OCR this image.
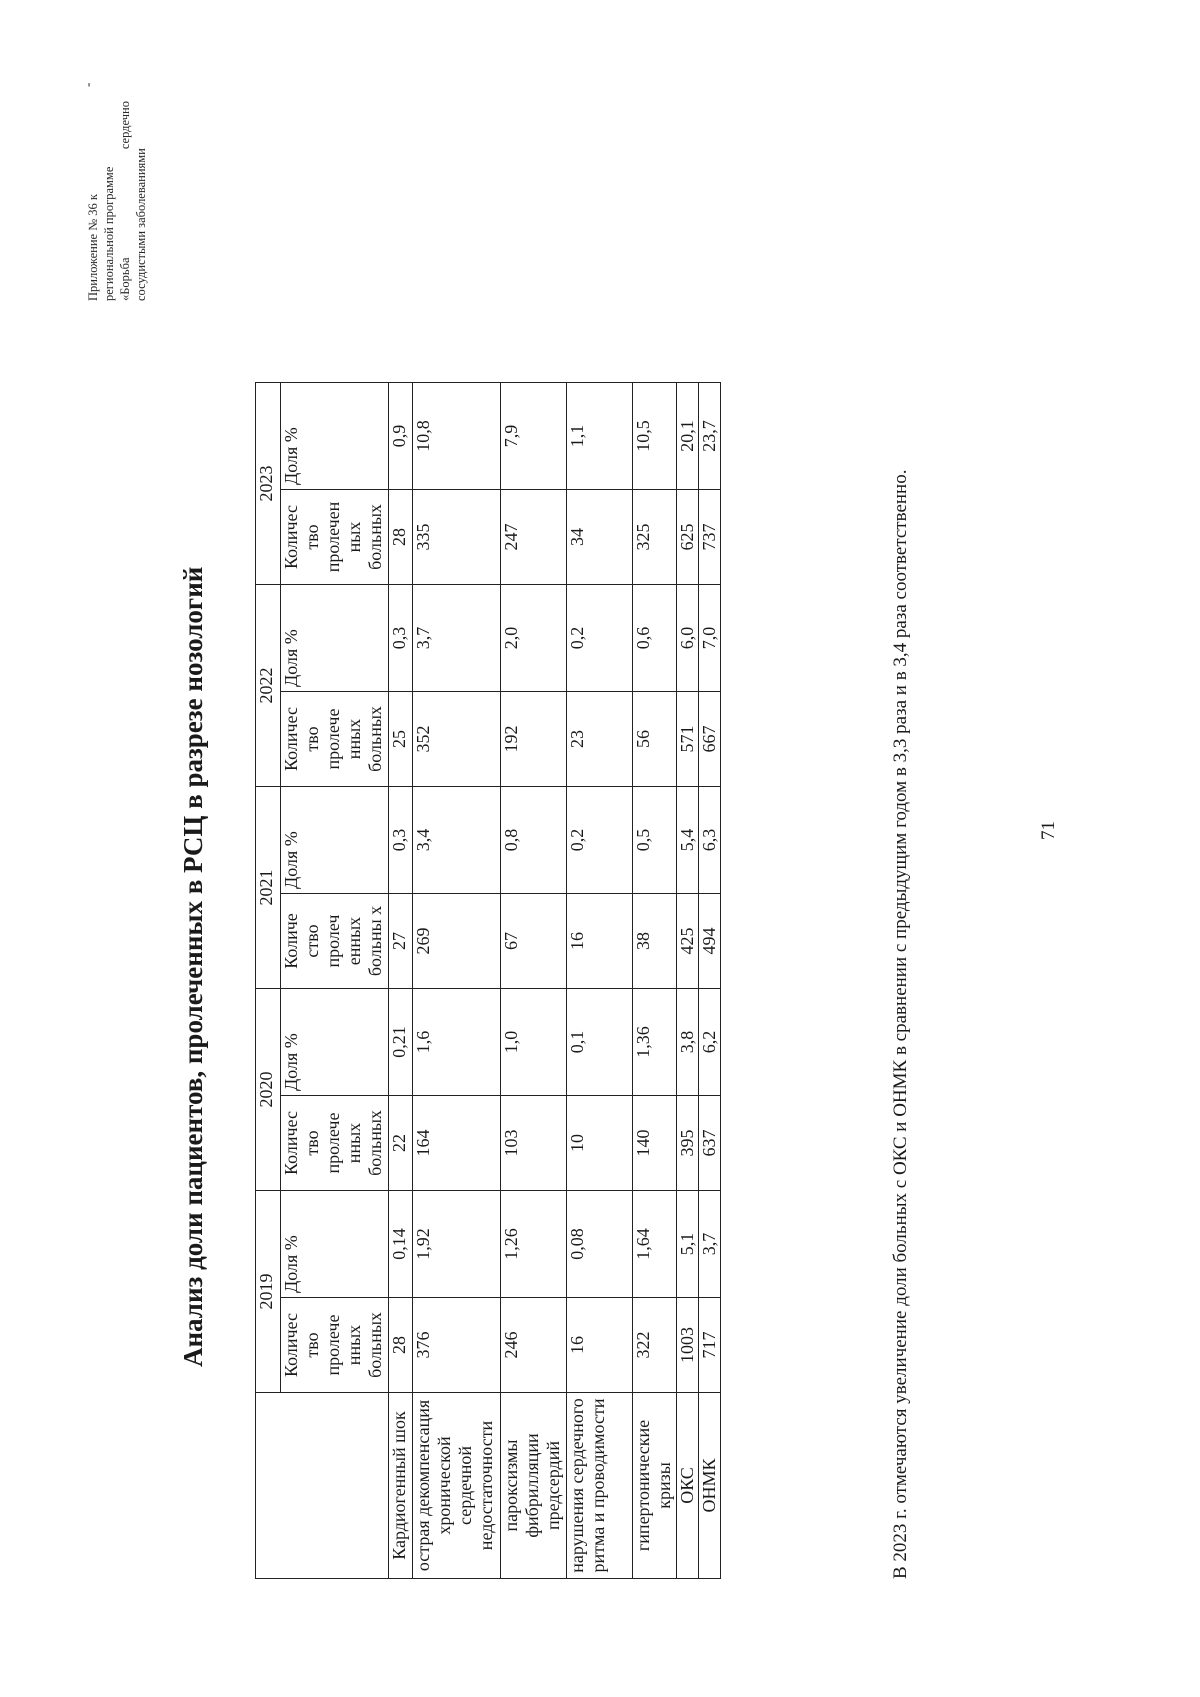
Приложение № 36 к региональной программе «Борьба
сердечно
сосудистыми заболеваниями
-
Анализ доли пациентов, пролеченных в РСЦ в разрезе нозологий
		2019		2020		2021		2022		2023	
	Количес тво пролече нных больных	Доля %	Количес тво пролече нных больных	Доля %	Количе ство пролеч енных больны х	Доля %	Количес тво пролече нных больных	Доля %	Количес тво пролечен ных больных	Доля %
Кардиогенный шок	28	0,14	22	0,21	27	0,3	25	0,3	28	0,9
острая декомпенсация хронической сердечной недостаточности	376	1,92	164	1,6	269	3,4	352	3,7	335	10,8
пароксизмы фибрилляции предсердий	246	1,26	103	1,0	67	0,8	192	2,0	247	7,9
нарушения сердечного ритма и проводимости	16	0,08	10	0,1	16	0,2	23	0,2	34	1,1
гипертонические кризы	322	1,64	140	1,36	38	0,5	56	0,6	325	10,5
ОКС	1003	5,1	395	3,8	425	5,4	571	6,0	625	20,1
ОНМК	717	3,7	637	6,2	494	6,3	667	7,0	737	23,7
В 2023 г. отмечаются увеличение доли больных с ОКС и ОНМК в сравнении с предыдущим годом в 3,3 раза и в 3,4 раза соответственно.	71
